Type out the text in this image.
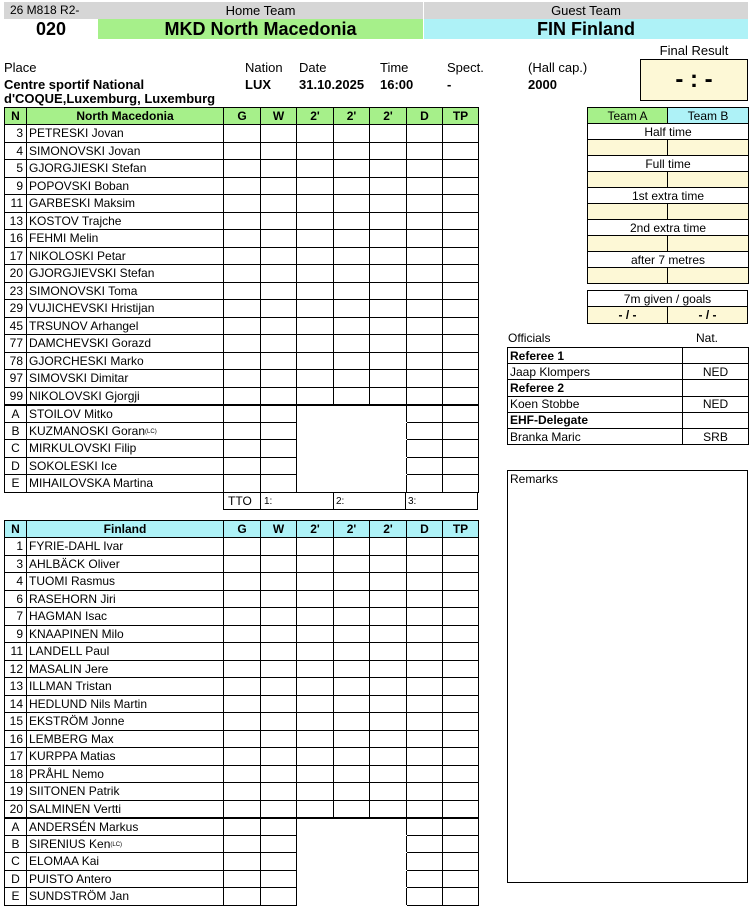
26 M818 R2-	Home Team	Guest Team
020	MKD North Macedonia	FIN Finland
Place
Centre sportif National
d'COQUE,Luxemburg, Luxemburg
Nation
LUX
Date
31.10.2025
Time
16:00
Spect.
-
(Hall cap.)
2000
Final Result
- : -
N	North Macedonia	G	W	2'	2'	2'	D	TP
3	PETRESKI Jovan							
4	SIMONOVSKI Jovan							
5	GJORGJIESKI Stefan							
9	POPOVSKI Boban							
11	GARBESKI Maksim							
13	KOSTOV Trajche							
16	FEHMI Melin							
17	NIKOLOSKI Petar							
20	GJORGJIEVSKI Stefan							
23	SIMONOVSKI Toma							
29	VUJICHEVSKI Hristijan							
45	TRSUNOV Arhangel							
77	DAMCHEVSKI Gorazd							
78	GJORCHESKI Marko							
97	SIMOVSKI Dimitar							
99	NIKOLOVSKI Gjorgji							
A	STOILOV Mitko							
B	KUZMANOSKI Goran(LC)							
C	MIRKULOVSKI Filip							
D	SOKOLESKI Ice							
E	MIHAILOVSKA Martina							
TTO 1:	2:	3:
N	Finland	G	W	2'	2'	2'	D	TP
1	FYRIE-DAHL Ivar							
3	AHLBÄCK Oliver							
4	TUOMI Rasmus							
6	RASEHORN Jiri							
7	HAGMAN Isac							
9	KNAAPINEN Milo							
11	LANDELL Paul							
12	MASALIN Jere							
13	ILLMAN Tristan							
14	HEDLUND Nils Martin							
15	EKSTRÖM Jonne							
16	LEMBERG Max							
17	KURPPA Matias							
18	PRÅHL Nemo							
19	SIITONEN Patrik							
20	SALMINEN Vertti							
A	ANDERSÉN Markus							
B	SIRENIUS Ken(LC)							
C	ELOMAA Kai							
D	PUISTO Antero							
E	SUNDSTRÖM Jan							
Team A	Team B
Half time	

Full time	

1st extra time	

2nd extra time	

after 7 metres	

7m given / goals
- / -	- / -
Officials	Nat.
Referee 1	
Jaap Klompers	NED
Referee 2	
Koen Stobbe	NED
EHF-Delegate	
Branka Maric	SRB
Remarks
